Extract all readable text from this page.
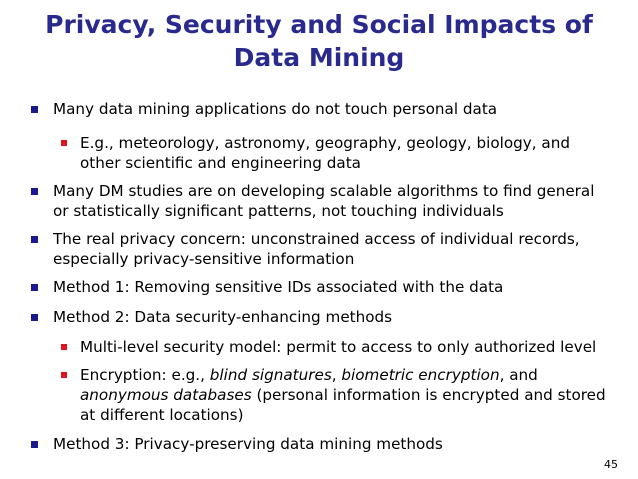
Privacy, Security and Social Impacts of
Data Mining
Many data mining applications do not touch personal data
E.g., meteorology, astronomy, geography, geology, biology, and
other scientific and engineering data
Many DM studies are on developing scalable algorithms to find general
or statistically significant patterns, not touching individuals
The real privacy concern: unconstrained access of individual records,
especially privacy-sensitive information
Method 1: Removing sensitive IDs associated with the data
Method 2: Data security-enhancing methods
Multi-level security model: permit to access to only authorized level
Encryption: e.g., blind signatures, biometric encryption, and
anonymous databases (personal information is encrypted and stored
at different locations)
Method 3: Privacy-preserving data mining methods
45
